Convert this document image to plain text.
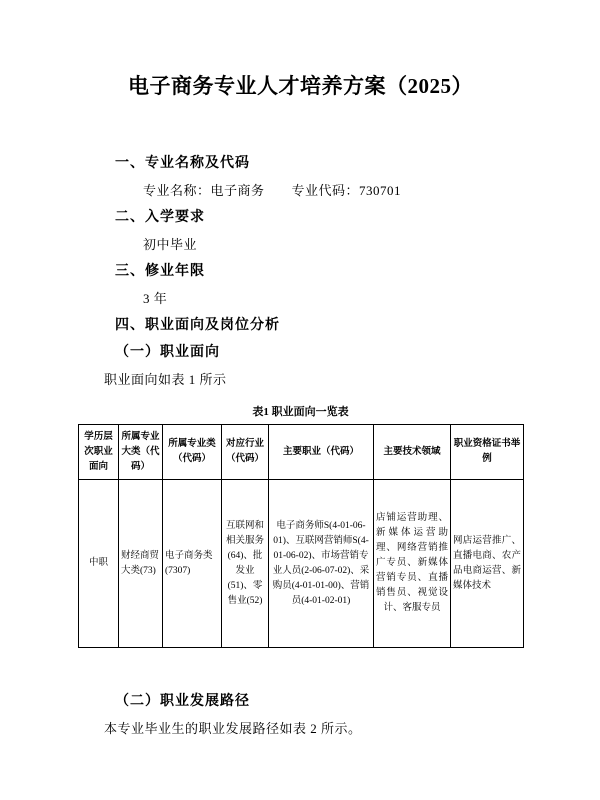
电子商务专业人才培养方案（2025）
一、专业名称及代码
专业名称：电子商务　　专业代码：730701
二、入学要求
初中毕业
三、修业年限
3 年
四、职业面向及岗位分析
（一）职业面向

职业面向如表 1 所示

表1 职业面向一览表
学历层次职业面向	所属专业大类（代码）	所属专业类（代码）	对应行业（代码）	主要职业（代码）	主要技术领域	职业资格证书举例
中职	财经商贸大类(73)	电子商务类(7307)	互联网和相关服务(64)、批发业(51)、零售业(52)	电子商务师S(4-01-06-01)、互联网营销师S(4-01-06-02)、市场营销专业人员(2-06-07-02)、采购员(4-01-01-00)、营销员(4-01-02-01)	店铺运营助理、新媒体运营助理、网络营销推广专员、新媒体营销专员、直播销售员、视觉设计、客服专员	网店运营推广、直播电商、农产品电商运营、新媒体技术
（二）职业发展路径

本专业毕业生的职业发展路径如表 2 所示。
